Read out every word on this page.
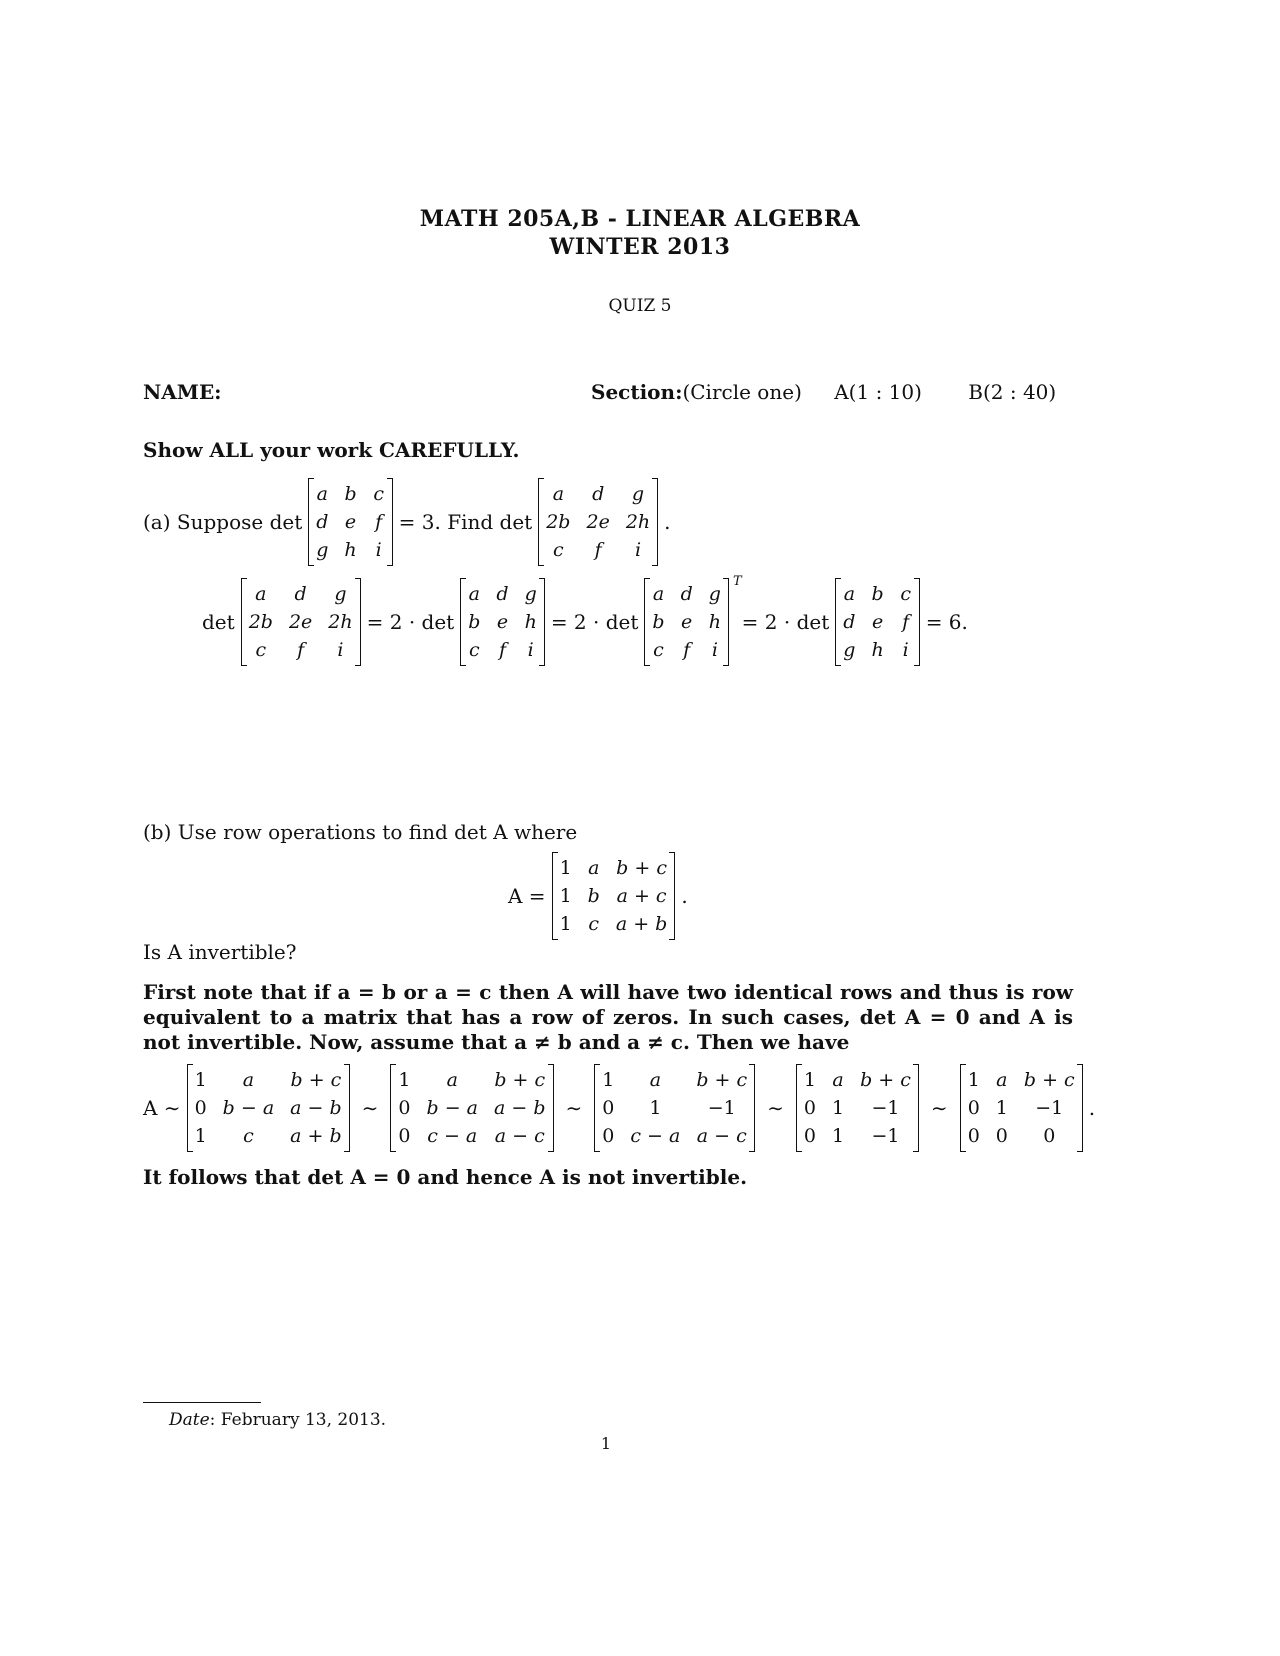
MATH 205A,B - LINEAR ALGEBRA
WINTER 2013
QUIZ 5
NAME:	Section:(Circle one) A(1 : 10) B(2 : 40)
Show ALL your work CAREFULLY.
(a) Suppose det
a b c
d e f
g h i
= 3. Find det
a	d	g
2b 2e 2h
c	f	i
.
det
a	d	g
2b 2e 2h
c	f	i
= 2 · det
a d g
b e h
c f i
= 2 · det
a d g
b e h
c f i
T
= 2 · det
a b c
d e f
g h i
= 6.
(b) Use row operations to find det A where
A =
1 a b + c
1 b a + c
1 c a + b
.
Is A invertible?
First note that if a = b or a = c then A will have two identical rows and thus is row equivalent to a matrix that has a row of zeros. In such cases, det A = 0 and A is not invertible. Now, assume that a ≠ b and a ≠ c. Then we have
A ∼
1	a	b + c
0 b − a a − b
1	c	a + b
∼
1	a	b + c
0 b − a a − b
0 c − a a − c
∼
1	a	b + c
0	1	−1
0 c − a a − c
∼
1 a b + c
0 1	−1
0 1	−1
∼
1 a b + c
0 1	−1
0 0	0
.
It follows that det A = 0 and hence A is not invertible.
Date: February 13, 2013.
1
